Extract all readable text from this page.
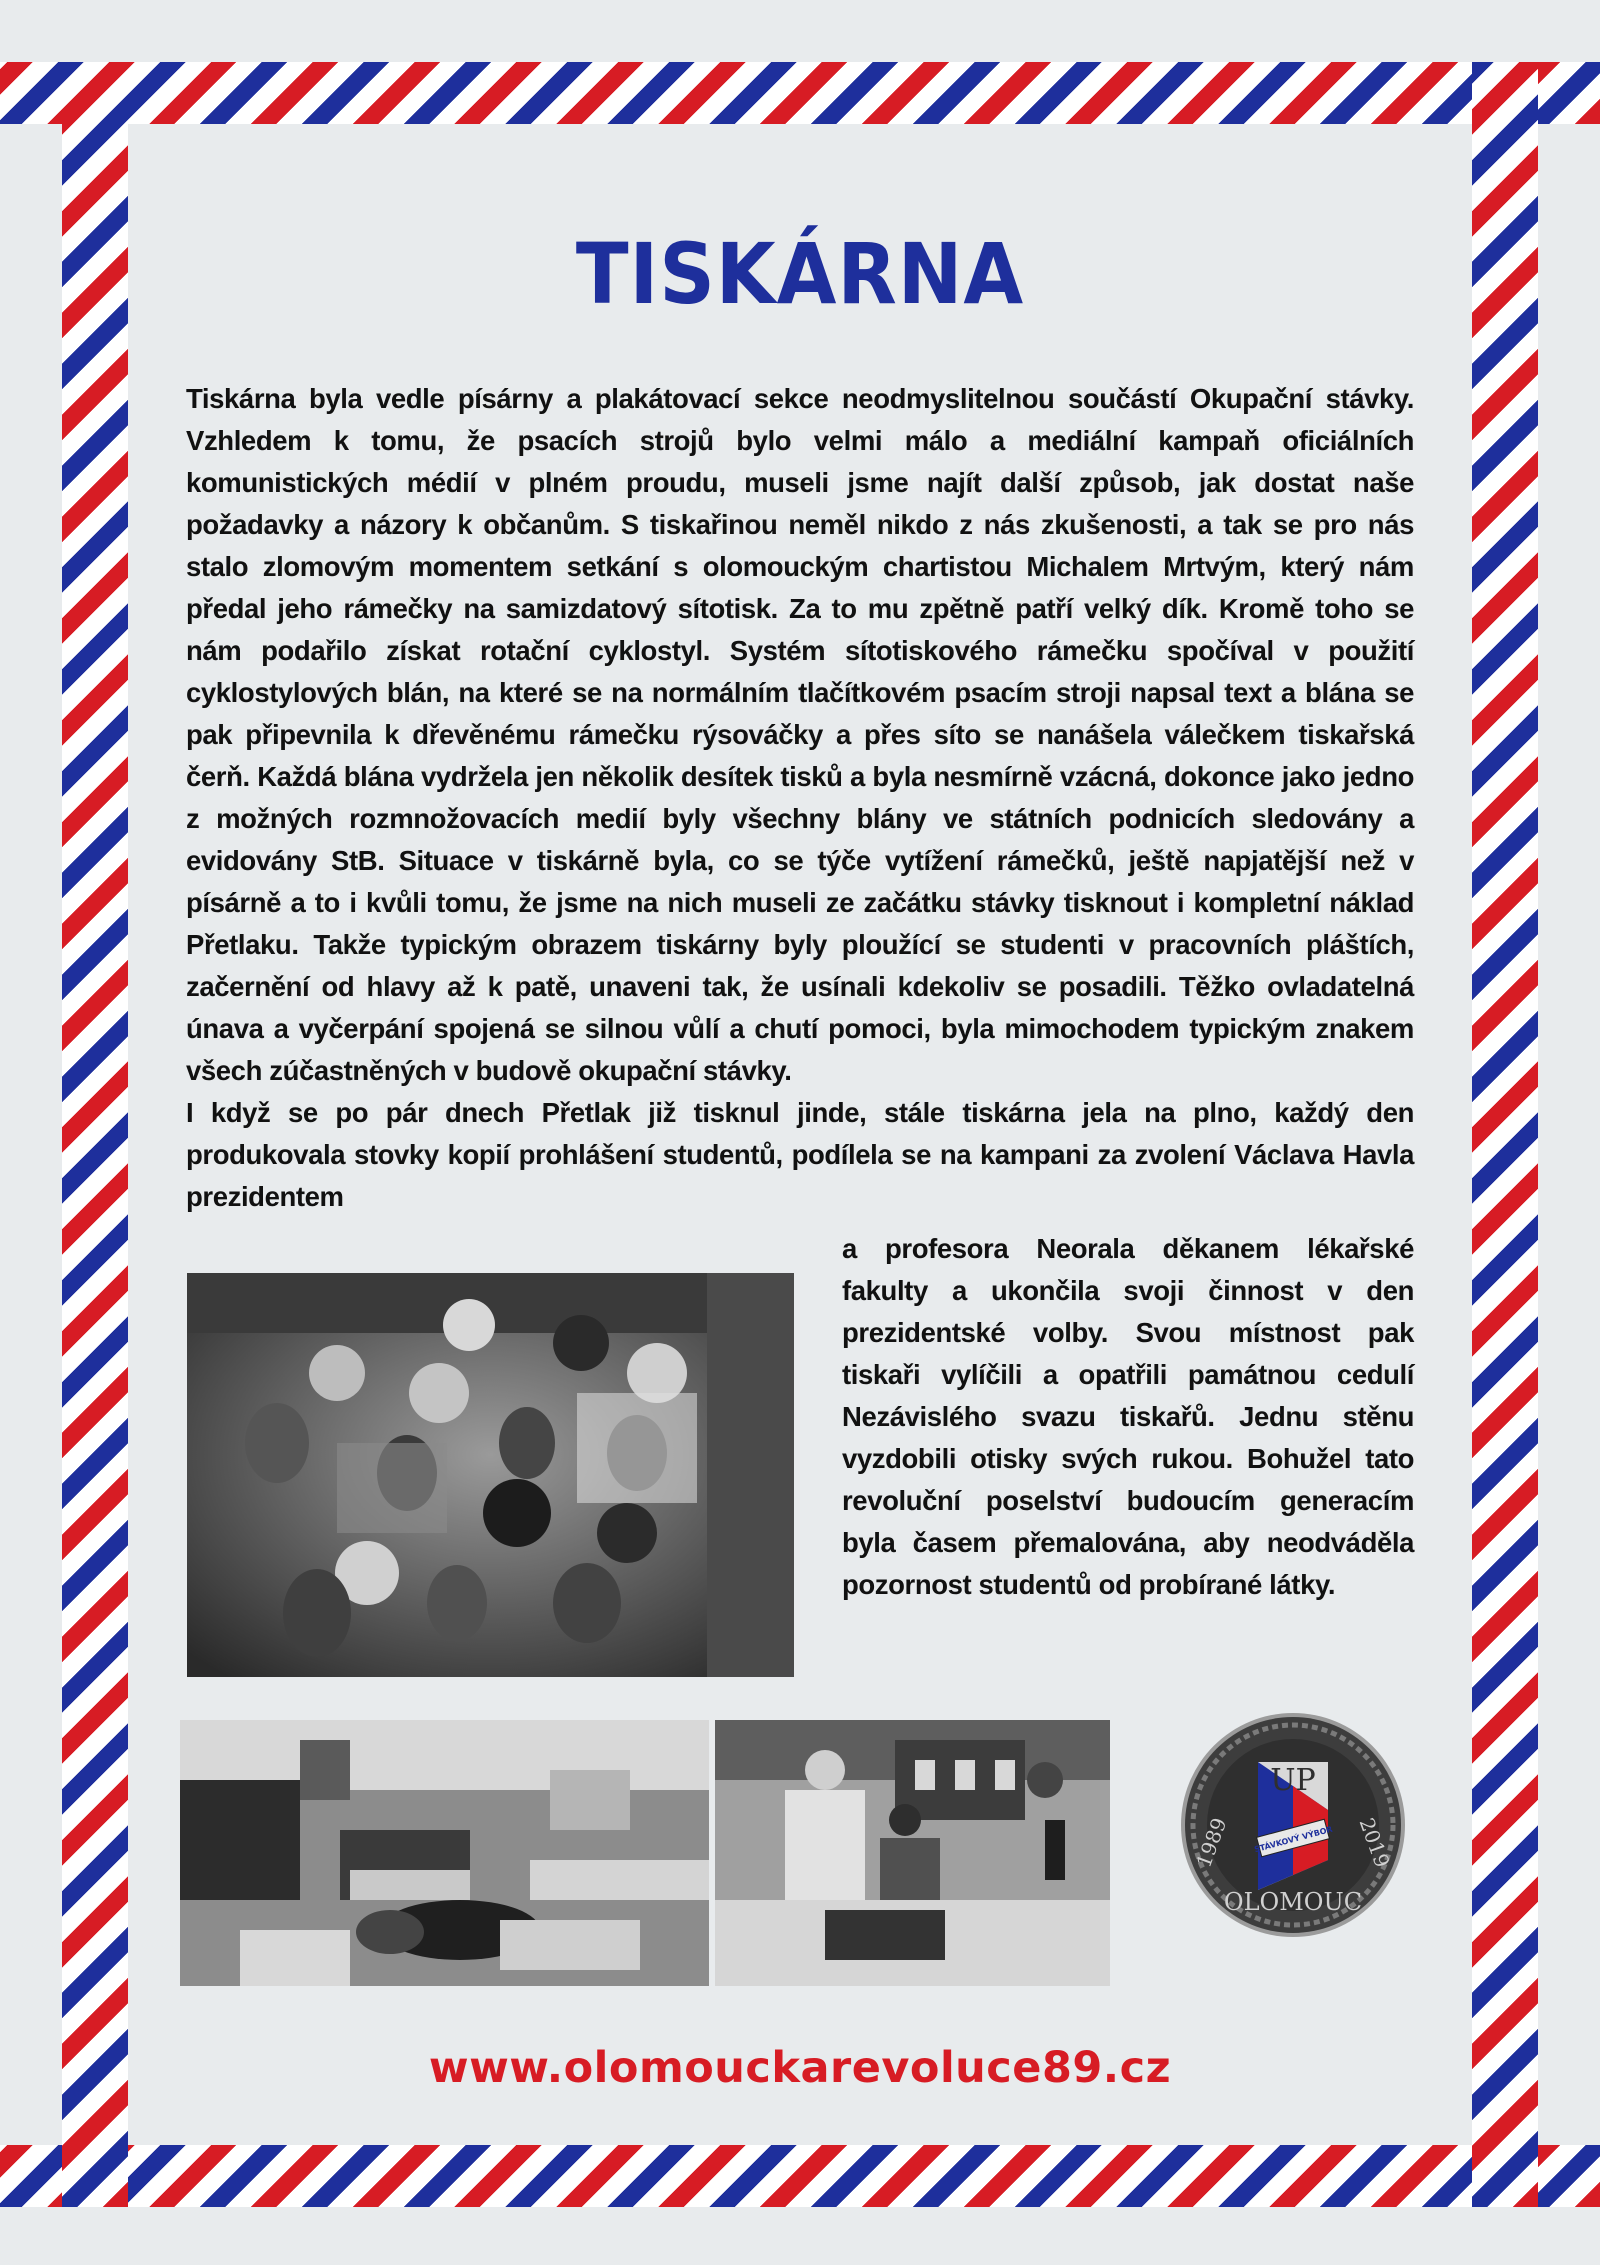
TISKÁRNA

Tiskárna byla vedle písárny a plakátovací sekce neodmyslitelnou součástí Okupační stávky. Vzhledem k tomu, že psacích strojů bylo velmi málo a mediální kampaň oficiálních komunistických médií v plném proudu, museli jsme najít další způsob, jak dostat naše požadavky a názory k občanům. S tiskařinou neměl nikdo z nás zkušenosti, a tak se pro nás stalo zlomovým momentem setkání s olomouckým chartistou Michalem Mrtvým, který nám předal jeho rámečky na samizdatový sítotisk. Za to mu zpětně patří velký dík. Kromě toho se nám podařilo získat rotační cyklostyl. Systém sítotiskového rámečku spočíval v použití cyklostylových blán, na které se na normálním tlačítkovém psacím stroji napsal text a blána se pak připevnila k dřevěnému rámečku rýsováčky a přes síto se nanášela válečkem tiskařská čerň. Každá blána vydržela jen několik desítek tisků a byla nesmírně vzácná, dokonce jako jedno z možných rozmnožovacích medií byly všechny blány ve státních podnicích sledovány a evidovány StB. Situace v tiskárně byla, co se týče vytížení rámečků, ještě napjatější než v písárně a to i kvůli tomu, že jsme na nich museli ze začátku stávky tisknout i kompletní náklad Přetlaku. Takže typickým obrazem tiskárny byly ploužící se studenti v pracovních pláštích, začernění od hlavy až k patě, unaveni tak, že usínali kdekoliv se posadili. Těžko ovladatelná únava a vyčerpání spojená se silnou vůlí a chutí pomoci, byla mimochodem typickým znakem všech zúčastněných v budově okupační stávky.

I když se po pár dnech Přetlak již tisknul jinde, stále tiskárna jela na plno, každý den produkovala stovky kopií prohlášení studentů, podílela se na kampani za zvolení Václava Havla prezidentem

a profesora Neorala děkanem lékařské fakulty a ukončila svoji činnost v den prezidentské volby. Svou místnost pak tiskaři vylíčili a opatřili památnou cedulí Nezávislého svazu tiskařů. Jednu stěnu vyzdobili otisky svých rukou. Bohužel tato revoluční poselství budoucím generacím byla časem přemalována, aby neodváděla pozornost studentů od probírané látky.
STÁVKOVÝ VÝBOR
UP
1989	2019
OLOMOUC
www.olomouckarevoluce89.cz
